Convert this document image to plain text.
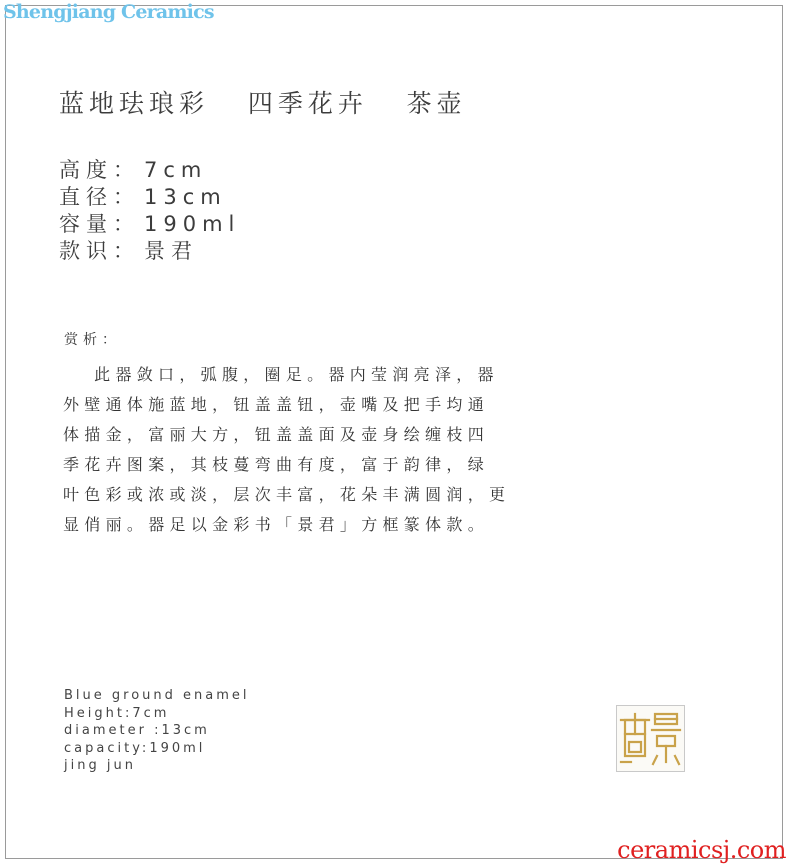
Shengjiang Ceramics
蓝地珐琅彩   四季花卉   茶壶
高度： 7cm
直径： 13cm
容量： 190ml
款识： 景君
赏析：

此器敛口，弧腹，圈足。器内莹润亮泽，器
外壁通体施蓝地，钮盖盖钮，壶嘴及把手均通
体描金，富丽大方，钮盖盖面及壶身绘缠枝四
季花卉图案，其枝蔓弯曲有度，富于韵律，绿
叶色彩或浓或淡，层次丰富，花朵丰满圆润，更
显俏丽。器足以金彩书「景君」方框篆体款。

Blue ground enamel
Height:7cm
diameter :13cm
capacity:190ml
jing jun
ceramicsj.com
